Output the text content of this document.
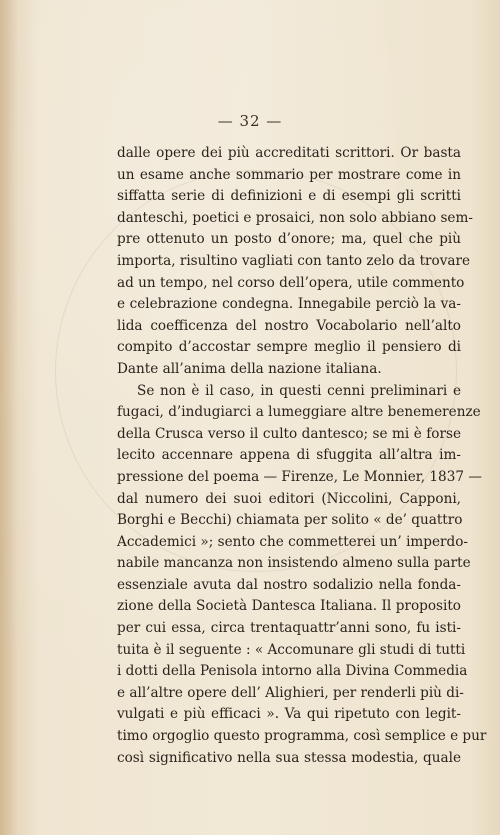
— 32 —
dalle opere dei più accreditati scrittori. Or basta
un esame anche sommario per mostrare come in
siffatta serie di definizioni e di esempi gli scritti
danteschi, poetici e prosaici, non solo abbiano sem-
pre ottenuto un posto d’onore; ma, quel che più
importa, risultino vagliati con tanto zelo da trovare
ad un tempo, nel corso dell’opera, utile commento
e celebrazione condegna. Innegabile perciò la va-
lida coefficenza del nostro Vocabolario nell’alto
compito d’accostar sempre meglio il pensiero di
Dante all’anima della nazione italiana.
Se non è il caso, in questi cenni preliminari e
fugaci, d’indugiarci a lumeggiare altre benemerenze
della Crusca verso il culto dantesco; se mi è forse
lecito accennare appena di sfuggita all’altra im-
pressione del poema — Firenze, Le Monnier, 1837 —
dal numero dei suoi editori (Niccolini, Capponi,
Borghi e Becchi) chiamata per solito « de’ quattro
Accademici »; sento che commetterei un’ imperdo-
nabile mancanza non insistendo almeno sulla parte
essenziale avuta dal nostro sodalizio nella fonda-
zione della Società Dantesca Italiana. Il proposito
per cui essa, circa trentaquattr’anni sono, fu isti-
tuita è il seguente : « Accomunare gli studi di tutti
i dotti della Penisola intorno alla Divina Commedia
e all’altre opere dell’ Alighieri, per renderli più di-
vulgati e più efficaci ». Va qui ripetuto con legit-
timo orgoglio questo programma, così semplice e pur
così significativo nella sua stessa modestia, quale
